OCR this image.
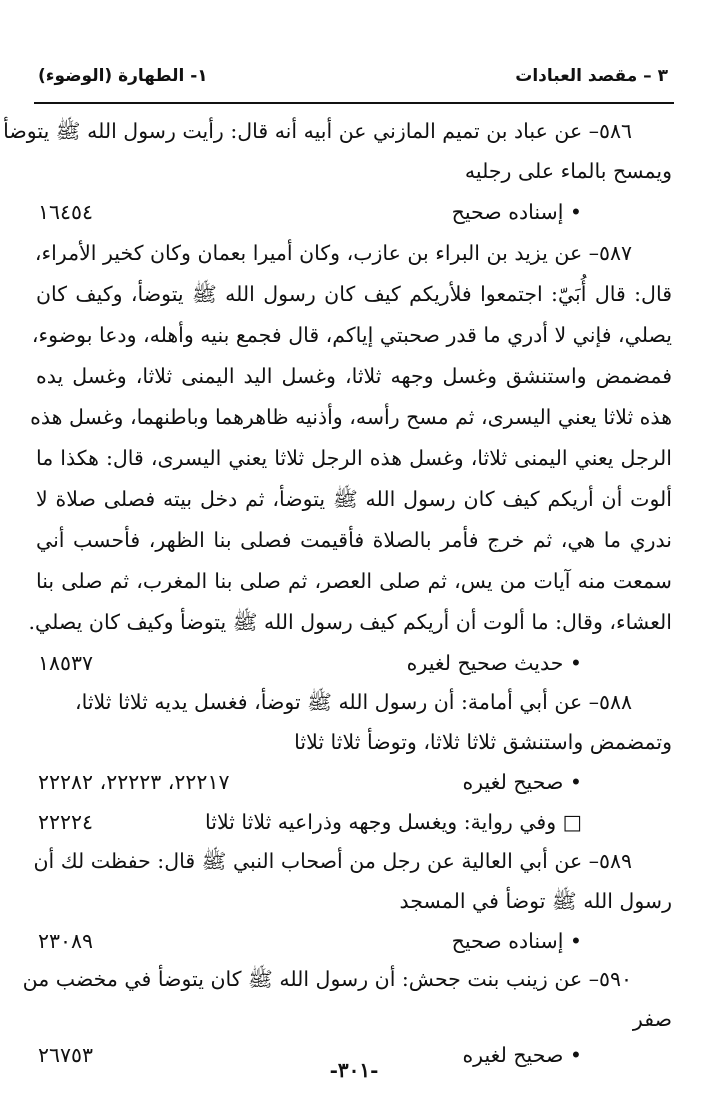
٣ – مقصد العبادات
١- الطهارة (الوضوء)
٥٨٦– عن عباد بن تميم المازني عن أبيه أنه قال: رأيت رسول الله ﷺ يتوضأ
ويمسح بالماء على رجليه
• إسناده صحيح
١٦٤٥٤
٥٨٧– عن يزيد بن البراء بن عازب، وكان أميرا بعمان وكان كخير الأمراء،
قال: قال أُبَيّ: اجتمعوا فلأريكم كيف كان رسول الله ﷺ يتوضأ، وكيف كان
يصلي، فإني لا أدري ما قدر صحبتي إياكم، قال فجمع بنيه وأهله، ودعا بوضوء،
فمضمض واستنشق وغسل وجهه ثلاثا، وغسل اليد اليمنى ثلاثا، وغسل يده
هذه ثلاثا يعني اليسرى، ثم مسح رأسه، وأذنيه ظاهرهما وباطنهما، وغسل هذه
الرجل يعني اليمنى ثلاثا، وغسل هذه الرجل ثلاثا يعني اليسرى، قال: هكذا ما
ألوت أن أريكم كيف كان رسول الله ﷺ يتوضأ، ثم دخل بيته فصلى صلاة لا
ندري ما هي، ثم خرج فأمر بالصلاة فأقيمت فصلى بنا الظهر، فأحسب أني
سمعت منه آيات من يس، ثم صلى العصر، ثم صلى بنا المغرب، ثم صلى بنا
العشاء، وقال: ما ألوت أن أريكم كيف رسول الله ﷺ يتوضأ وكيف كان يصلي.
• حديث صحيح لغيره
١٨٥٣٧
٥٨٨– عن أبي أمامة: أن رسول الله ﷺ توضأ، فغسل يديه ثلاثا ثلاثا،
وتمضمض واستنشق ثلاثا ثلاثا، وتوضأ ثلاثا ثلاثا
• صحيح لغيره
٢٢٢١٧، ٢٢٢٢٣، ٢٢٢٨٢
□ وفي رواية: ويغسل وجهه وذراعيه ثلاثا ثلاثا
٢٢٢٢٤
٥٨٩– عن أبي العالية عن رجل من أصحاب النبي ﷺ قال: حفظت لك أن
رسول الله ﷺ توضأ في المسجد
• إسناده صحيح
٢٣٠٨٩
٥٩٠– عن زينب بنت جحش: أن رسول الله ﷺ كان يتوضأ في مخضب من
صفر
• صحيح لغيره
٢٦٧٥٣
-٣٠١-
